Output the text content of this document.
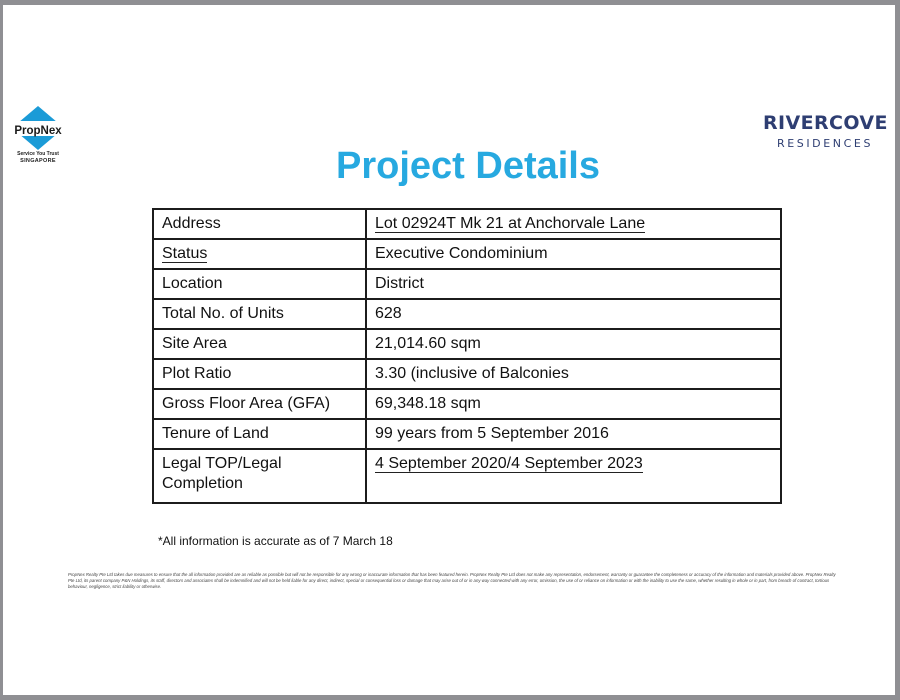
PropNex
Service You Trust
SINGAPORE
RIVERCOVE
RESIDENCES
Project Details
Address	Lot 02924T Mk 21 at Anchorvale Lane
Status	Executive Condominium
Location	District
Total No. of Units	628
Site Area	21,014.60 sqm
Plot Ratio	3.30 (inclusive of Balconies
Gross Floor Area (GFA)	69,348.18 sqm
Tenure of Land	99 years from 5 September 2016
Legal TOP/Legal Completion	4 September 2020/4 September 2023
*All information is accurate as of 7 March 18
PropNex Realty Pte Ltd takes due measures to ensure that the all information provided are as reliable as possible but will not be responsible for any wrong or inaccurate information that has been featured herein. PropNex Realty Pte Ltd does not make any representation, endorsement, warranty or guarantee the completeness or accuracy of the information and materials provided above. PropNex Realty Pte Ltd, its parent company P&N Holdings, its staff, directors and associates shall be indemnified and will not be held liable for any direct, indirect, special or consequential loss or damage that may arise out of or in any way connected with any error, omission, the use of or reliance on information or with the inability to use the same, whether resulting in whole or in part, from breach of contract, tortious behaviour, negligence, strict liability or otherwise.
